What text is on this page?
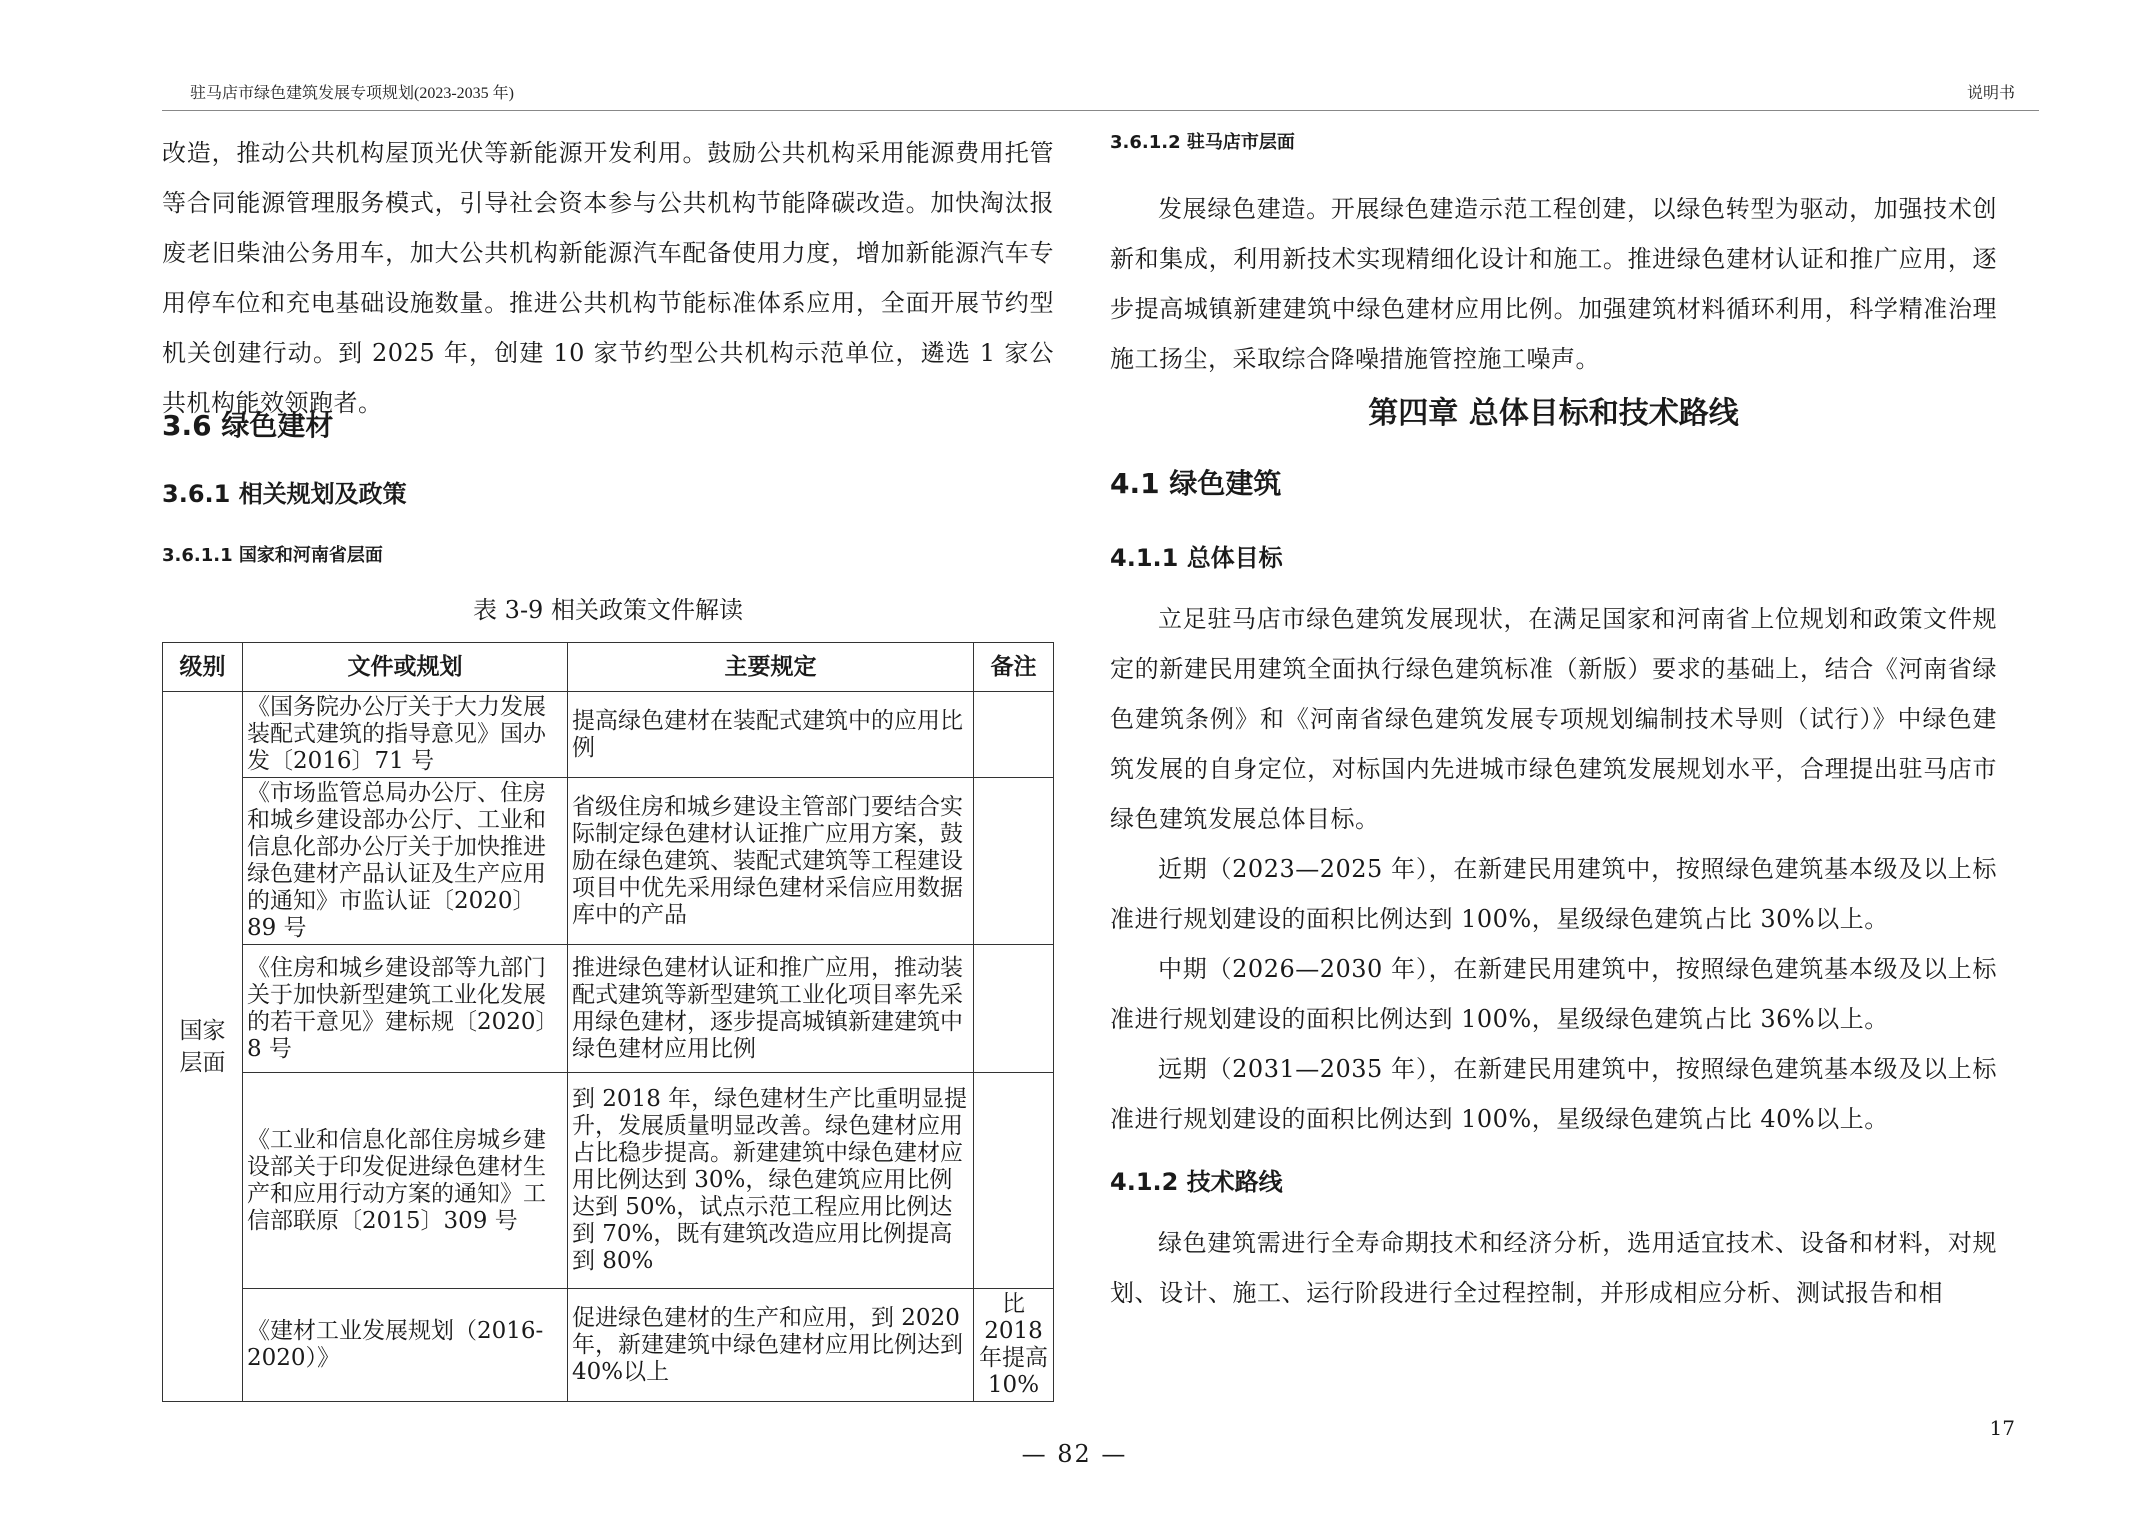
驻马店市绿色建筑发展专项规划(2023-2035 年)	说明书

改造，推动公共机构屋顶光伏等新能源开发利用。鼓励公共机构采用能源费用托管等合同能源管理服务模式，引导社会资本参与公共机构节能降碳改造。加快淘汰报废老旧柴油公务用车，加大公共机构新能源汽车配备使用力度，增加新能源汽车专用停车位和充电基础设施数量。推进公共机构节能标准体系应用，全面开展节约型机关创建行动。到 2025 年，创建 10 家节约型公共机构示范单位，遴选 1 家公共机构能效领跑者。

3.6 绿色建材

3.6.1 相关规划及政策

3.6.1.1 国家和河南省层面

表 3-9 相关政策文件解读

级别	文件或规划	主要规定	备注

国家层面	《国务院办公厅关于大力发展装配式建筑的指导意见》国办发〔2016〕71 号	提高绿色建材在装配式建筑中的应用比例	
	《市场监管总局办公厅、住房和城乡建设部办公厅、工业和信息化部办公厅关于加快推进绿色建材产品认证及生产应用的通知》市监认证〔2020〕89 号	省级住房和城乡建设主管部门要结合实际制定绿色建材认证推广应用方案，鼓励在绿色建筑、装配式建筑等工程建设项目中优先采用绿色建材采信应用数据库中的产品	
	《住房和城乡建设部等九部门关于加快新型建筑工业化发展的若干意见》建标规〔2020〕8 号	推进绿色建材认证和推广应用，推动装配式建筑等新型建筑工业化项目率先采用绿色建材，逐步提高城镇新建建筑中绿色建材应用比例	
	《工业和信息化部住房城乡建设部关于印发促进绿色建材生产和应用行动方案的通知》工信部联原〔2015〕309 号	到 2018 年，绿色建材生产比重明显提升，发展质量明显改善。绿色建材应用占比稳步提高。新建建筑中绿色建材应用比例达到 30%，绿色建筑应用比例达到 50%，试点示范工程应用比例达到 70%，既有建筑改造应用比例提高到 80%	
	《建材工业发展规划（2016-2020）》	促进绿色建材的生产和应用，到 2020 年，新建建筑中绿色建材应用比例达到 40%以上	比 2018 年提高 10%

3.6.1.2 驻马店市层面

发展绿色建造。开展绿色建造示范工程创建，以绿色转型为驱动，加强技术创新和集成，利用新技术实现精细化设计和施工。推进绿色建材认证和推广应用，逐步提高城镇新建建筑中绿色建材应用比例。加强建筑材料循环利用，科学精准治理施工扬尘，采取综合降噪措施管控施工噪声。

第四章 总体目标和技术路线

4.1 绿色建筑

4.1.1 总体目标

立足驻马店市绿色建筑发展现状，在满足国家和河南省上位规划和政策文件规定的新建民用建筑全面执行绿色建筑标准（新版）要求的基础上，结合《河南省绿色建筑条例》和《河南省绿色建筑发展专项规划编制技术导则（试行）》中绿色建筑发展的自身定位，对标国内先进城市绿色建筑发展规划水平，合理提出驻马店市绿色建筑发展总体目标。

近期（2023—2025 年），在新建民用建筑中，按照绿色建筑基本级及以上标准进行规划建设的面积比例达到 100%，星级绿色建筑占比 30%以上。

中期（2026—2030 年），在新建民用建筑中，按照绿色建筑基本级及以上标准进行规划建设的面积比例达到 100%，星级绿色建筑占比 36%以上。

远期（2031—2035 年），在新建民用建筑中，按照绿色建筑基本级及以上标准进行规划建设的面积比例达到 100%，星级绿色建筑占比 40%以上。

4.1.2 技术路线

绿色建筑需进行全寿命期技术和经济分析，选用适宜技术、设备和材料，对规划、设计、施工、运行阶段进行全过程控制，并形成相应分析、测试报告和相

17
— 82 —
